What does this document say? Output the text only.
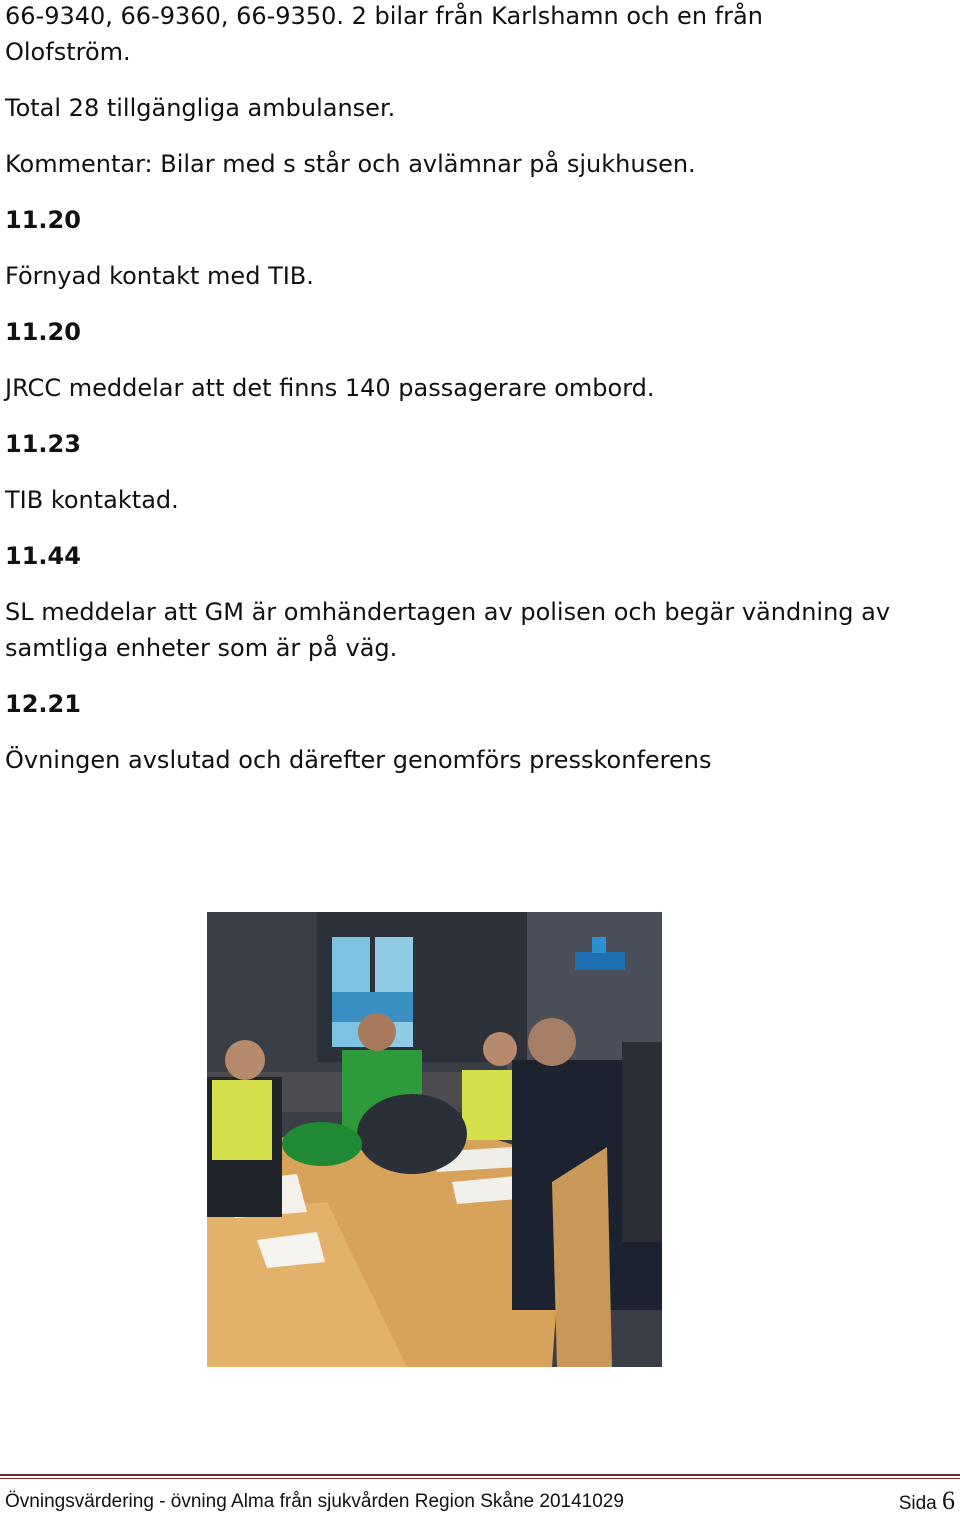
66-9340, 66-9360, 66-9350. 2 bilar från Karlshamn och en från
Olofström.
Total 28 tillgängliga ambulanser.
Kommentar: Bilar med s står och avlämnar på sjukhusen.
11.20
Förnyad kontakt med TIB.
11.20
JRCC meddelar att det finns 140 passagerare ombord.
11.23
TIB kontaktad.
11.44
SL meddelar att GM är omhändertagen av polisen och begär vändning av
samtliga enheter som är på väg.
12.21
Övningen avslutad och därefter genomförs presskonferens
Övningsvärdering - övning Alma från sjukvården Region Skåne 20141029	Sida 6
